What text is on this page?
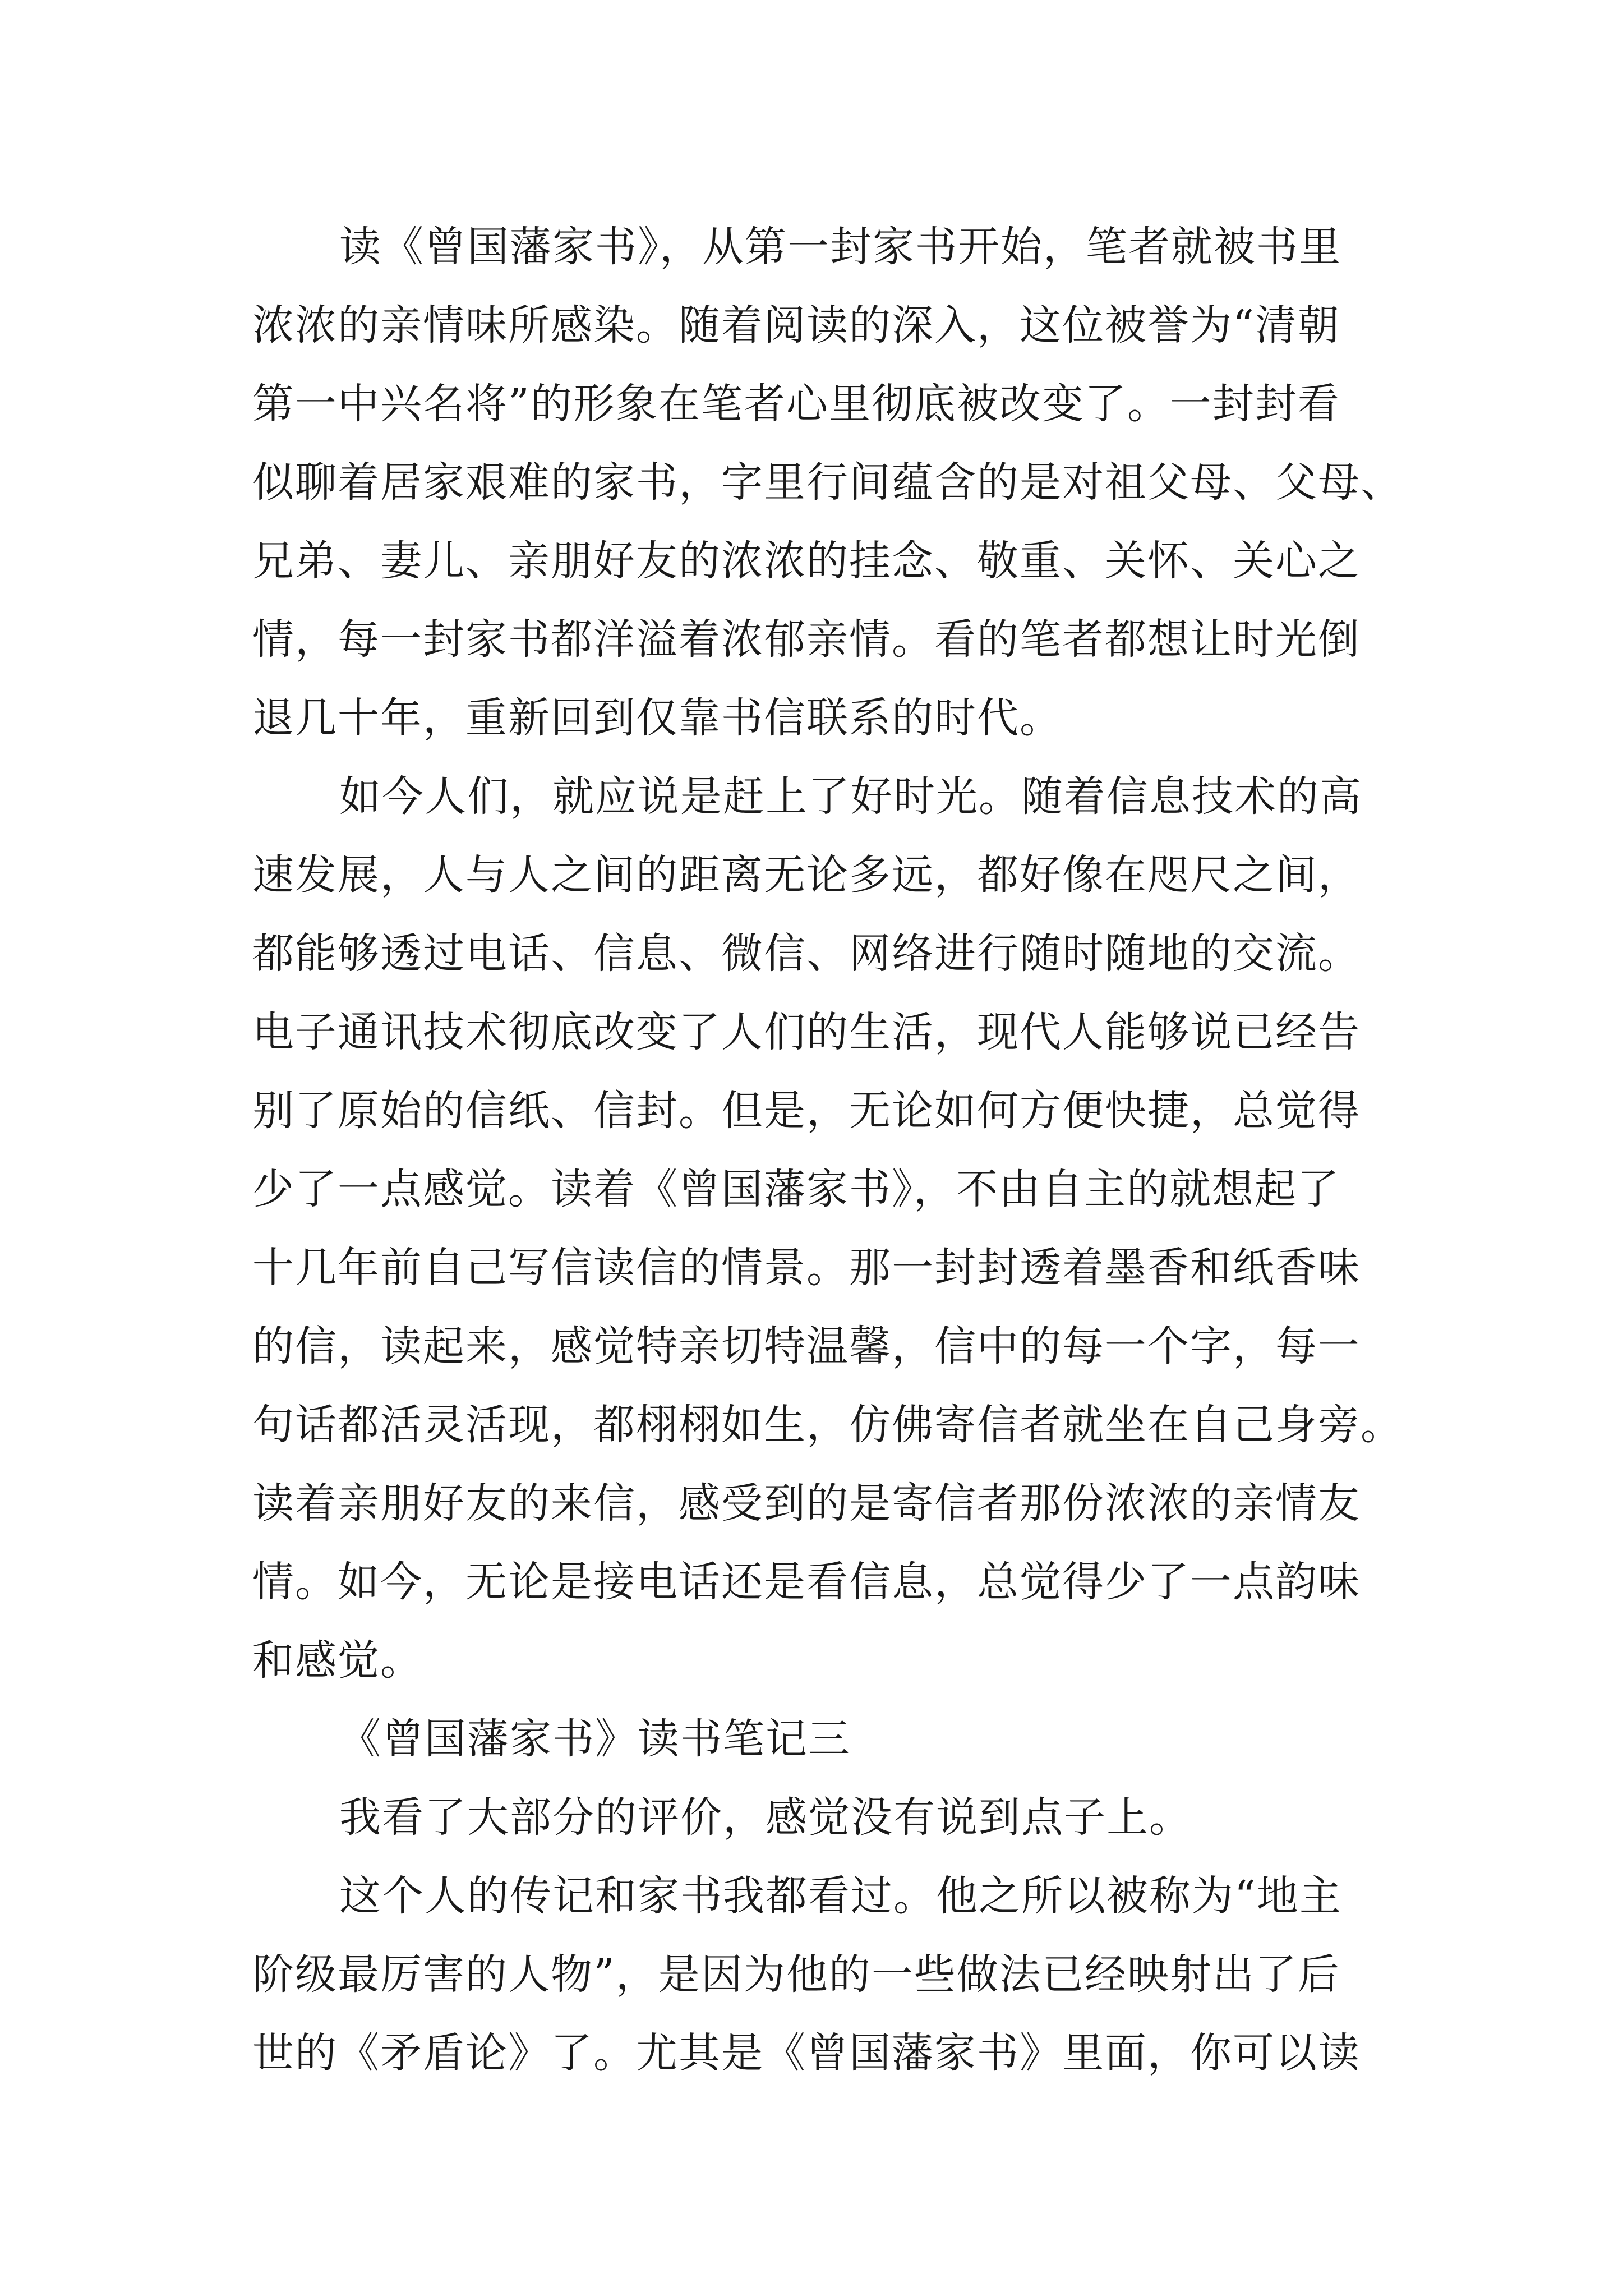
读《曾国藩家书》，从第一封家书开始，笔者就被书里
浓浓的亲情味所感染。随着阅读的深入，这位被誉为“清朝
第一中兴名将”的形象在笔者心里彻底被改变了。一封封看
似聊着居家艰难的家书，字里行间蕴含的是对祖父母、父母、
兄弟、妻儿、亲朋好友的浓浓的挂念、敬重、关怀、关心之
情，每一封家书都洋溢着浓郁亲情。看的笔者都想让时光倒
退几十年，重新回到仅靠书信联系的时代。
如今人们，就应说是赶上了好时光。随着信息技术的高
速发展，人与人之间的距离无论多远，都好像在咫尺之间，
都能够透过电话、信息、微信、网络进行随时随地的交流。
电子通讯技术彻底改变了人们的生活，现代人能够说已经告
别了原始的信纸、信封。但是，无论如何方便快捷，总觉得
少了一点感觉。读着《曾国藩家书》，不由自主的就想起了
十几年前自己写信读信的情景。那一封封透着墨香和纸香味
的信，读起来，感觉特亲切特温馨，信中的每一个字，每一
句话都活灵活现，都栩栩如生，仿佛寄信者就坐在自己身旁。
读着亲朋好友的来信，感受到的是寄信者那份浓浓的亲情友
情。如今，无论是接电话还是看信息，总觉得少了一点韵味
和感觉。
《曾国藩家书》读书笔记三
我看了大部分的评价，感觉没有说到点子上。
这个人的传记和家书我都看过。他之所以被称为“地主
阶级最厉害的人物”，是因为他的一些做法已经映射出了后
世的《矛盾论》了。尤其是《曾国藩家书》里面，你可以读
